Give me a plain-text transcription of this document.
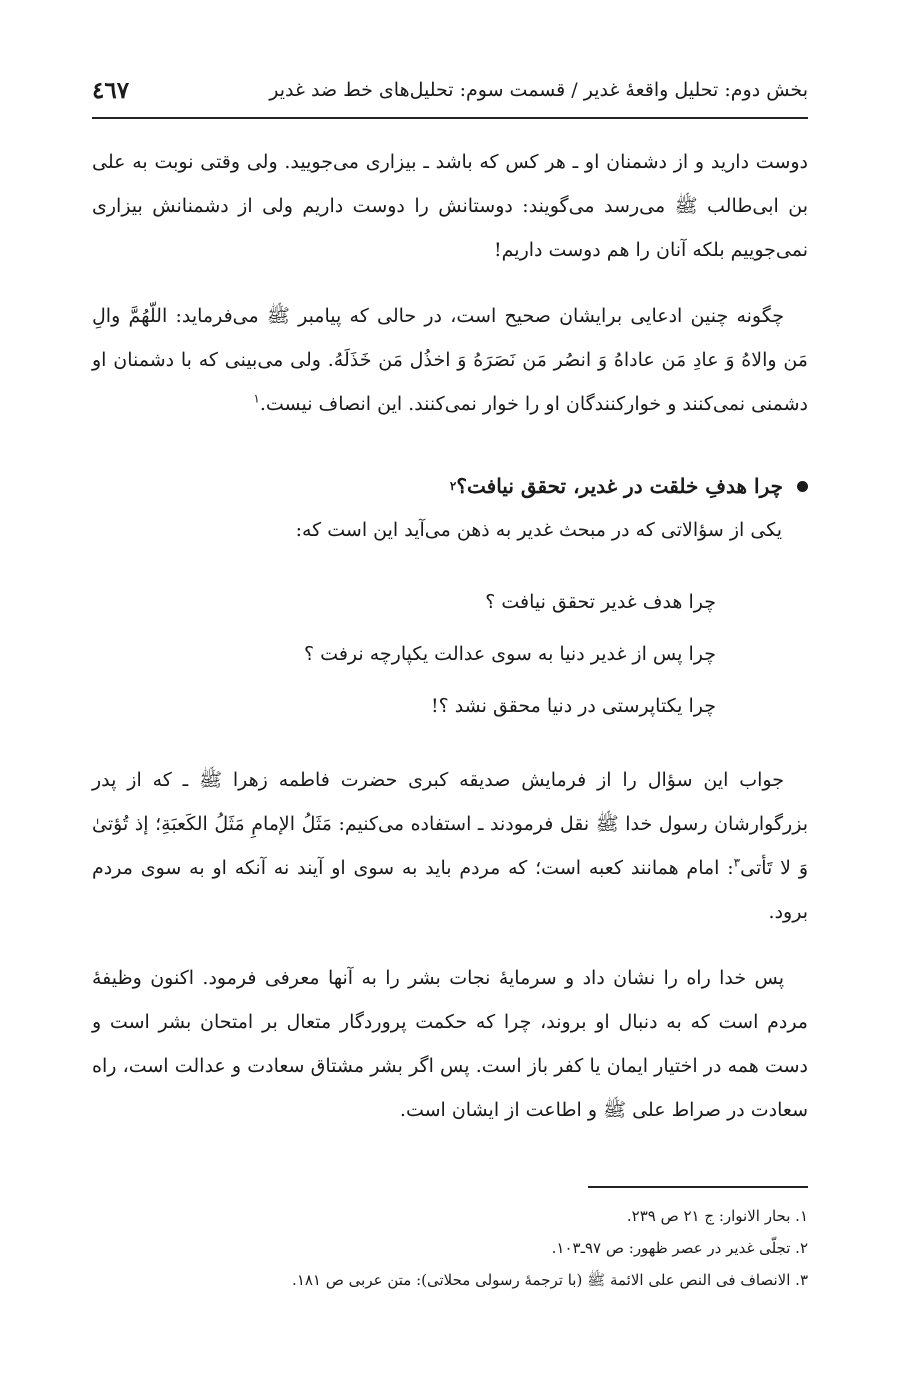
بخش دوم: تحلیل واقعهٔ غدیر / قسمت سوم: تحلیل‌های خط ضد غدیر
٤٦٧

دوست دارید و از دشمنان او ـ هر کس که باشد ـ بیزاری می‌جویید. ولی وقتی نوبت به علی بن ابی‌طالب ﷺ می‌رسد می‌گویند: دوستانش را دوست داریم ولی از دشمنانش بیزاری نمی‌جوییم بلکه آنان را هم دوست داریم!

چگونه چنین ادعایی برایشان صحیح است، در حالی که پیامبر ﷺ می‌فرماید: اللّهُمَّ والِ مَن والاهُ وَ عادِ مَن عاداهُ وَ انصُر مَن نَصَرَهُ وَ اخذُل مَن خَذَلَهُ. ولی می‌بینی که با دشمنان او دشمنی نمی‌کنند و خوارکنندگان او را خوار نمی‌کنند. این انصاف نیست.$^١$

چرا هدفِ خلقت در غدیر، تحقق نیافت؟
٢

یکی از سؤالاتی که در مبحث غدیر به ذهن می‌آید این است که:

چرا هدف غدیر تحقق نیافت ؟
چرا پس از غدیر دنیا به سوی عدالت یکپارچه نرفت ؟
چرا یکتاپرستی در دنیا محقق نشد ؟!

جواب این سؤال را از فرمایش صدیقه کبری حضرت فاطمه زهرا ﷺ ـ که از پدر بزرگوارشان رسول خدا ﷺ نقل فرمودند ـ استفاده می‌کنیم: مَثَلُ الإمامِ مَثَلُ الكَعبَةِ؛ إذ تُؤتیٰ وَ لا تَأتی$^٣$: امام همانند کعبه است؛ که مردم باید به سوی او آیند نه آنکه او به سوی مردم برود.

پس خدا راه را نشان داد و سرمایهٔ نجات بشر را به آنها معرفی فرمود. اکنون وظیفهٔ مردم است که به دنبال او بروند، چرا که حکمت پروردگار متعال بر امتحان بشر است و دست همه در اختیار ایمان یا کفر باز است. پس اگر بشر مشتاق سعادت و عدالت است، راه سعادت در صراط علی ﷺ و اطاعت از ایشان است.

١. بحار الانوار: ج ٢١ ص ٢٣٩.
٢. تجلّی غدیر در عصر ظهور: ص ٩٧ـ١٠٣.
٣. الانصاف فی النص علی الائمة ﷺ (با ترجمهٔ رسولی محلاتی): متن عربی ص ١٨١.
